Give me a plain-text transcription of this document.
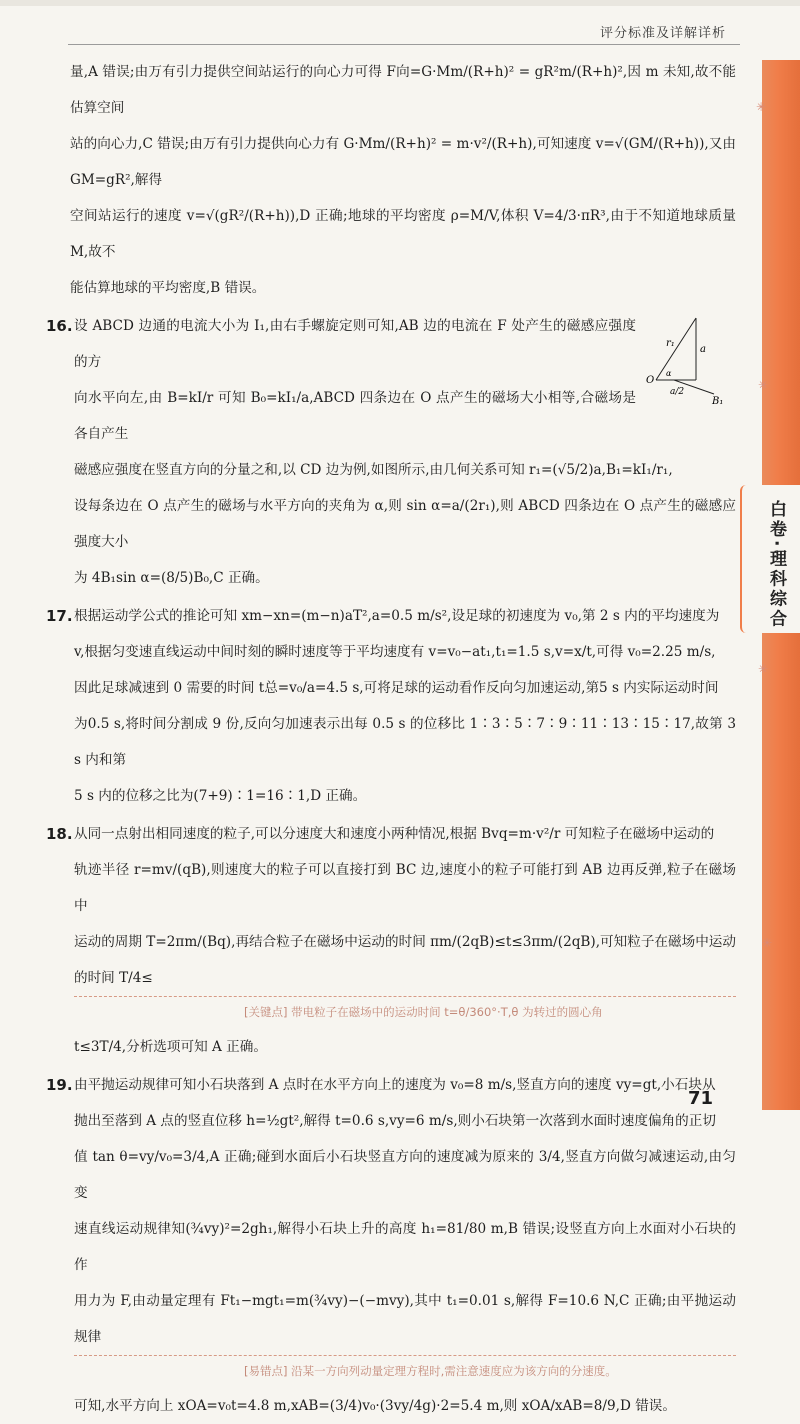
评分标准及详解详析
白卷·理科综合
✳
✳
✳
✳

量,A 错误;由万有引力提供空间站运行的向心力可得 F向=G·Mm/(R+h)² = gR²m/(R+h)²,因 m 未知,故不能估算空间

站的向心力,C 错误;由万有引力提供向心力有 G·Mm/(R+h)² = m·v²/(R+h),可知速度 v=√(GM/(R+h)),又由 GM=gR²,解得

空间站运行的速度 v=√(gR²/(R+h)),D 正确;地球的平均密度 ρ=M/V,体积 V=4/3·πR³,由于不知道地球质量 M,故不

能估算地球的平均密度,B 错误。

16.
r₁
a
O
α
a/2
B₁

设 ABCD 边通的电流大小为 I₁,由右手螺旋定则可知,AB 边的电流在 F 处产生的磁感应强度的方

向水平向左,由 B=kI/r 可知 B₀=kI₁/a,ABCD 四条边在 O 点产生的磁场大小相等,合磁场是各自产生

磁感应强度在竖直方向的分量之和,以 CD 边为例,如图所示,由几何关系可知 r₁=(√5/2)a,B₁=kI₁/r₁,

设每条边在 O 点产生的磁场与水平方向的夹角为 α,则 sin α=a/(2r₁),则 ABCD 四条边在 O 点产生的磁感应强度大小

为 4B₁sin α=(8/5)B₀,C 正确。

17. 根据运动学公式的推论可知 xm−xn=(m−n)aT²,a=0.5 m/s²,设足球的初速度为 v₀,第 2 s 内的平均速度为

v,根据匀变速直线运动中间时刻的瞬时速度等于平均速度有 v=v₀−at₁,t₁=1.5 s,v=x/t,可得 v₀=2.25 m/s,

因此足球减速到 0 需要的时间 t总=v₀/a=4.5 s,可将足球的运动看作反向匀加速运动,第5 s 内实际运动时间

为0.5 s,将时间分割成 9 份,反向匀加速表示出每 0.5 s 的位移比 1∶3∶5∶7∶9∶11∶13∶15∶17,故第 3 s 内和第

5 s 内的位移之比为(7+9)∶1=16∶1,D 正确。

18. 从同一点射出相同速度的粒子,可以分速度大和速度小两种情况,根据 Bvq=m·v²/r 可知粒子在磁场中运动的

轨迹半径 r=mv/(qB),则速度大的粒子可以直接打到 BC 边,速度小的粒子可能打到 AB 边再反弹,粒子在磁场中

运动的周期 T=2πm/(Bq),再结合粒子在磁场中运动的时间 πm/(2qB)≤t≤3πm/(2qB),可知粒子在磁场中运动的时间 T/4≤

[关键点] 带电粒子在磁场中的运动时间 t=θ/360°·T,θ 为转过的圆心角

t≤3T/4,分析选项可知 A 正确。

19. 由平抛运动规律可知小石块落到 A 点时在水平方向上的速度为 v₀=8 m/s,竖直方向的速度 vy=gt,小石块从

抛出至落到 A 点的竖直位移 h=½gt²,解得 t=0.6 s,vy=6 m/s,则小石块第一次落到水面时速度偏角的正切

值 tan θ=vy/v₀=3/4,A 正确;碰到水面后小石块竖直方向的速度减为原来的 3/4,竖直方向做匀减速运动,由匀变

速直线运动规律知(¾vy)²=2gh₁,解得小石块上升的高度 h₁=81/80 m,B 错误;设竖直方向上水面对小石块的作

用力为 F,由动量定理有 Ft₁−mgt₁=m(¾vy)−(−mvy),其中 t₁=0.01 s,解得 F=10.6 N,C 正确;由平抛运动规律

[易错点] 沿某一方向列动量定理方程时,需注意速度应为该方向的分速度。

可知,水平方向上 xOA=v₀t=4.8 m,xAB=(3/4)v₀·(3vy/4g)·2=5.4 m,则 xOA/xAB=8/9,D 错误。

71
